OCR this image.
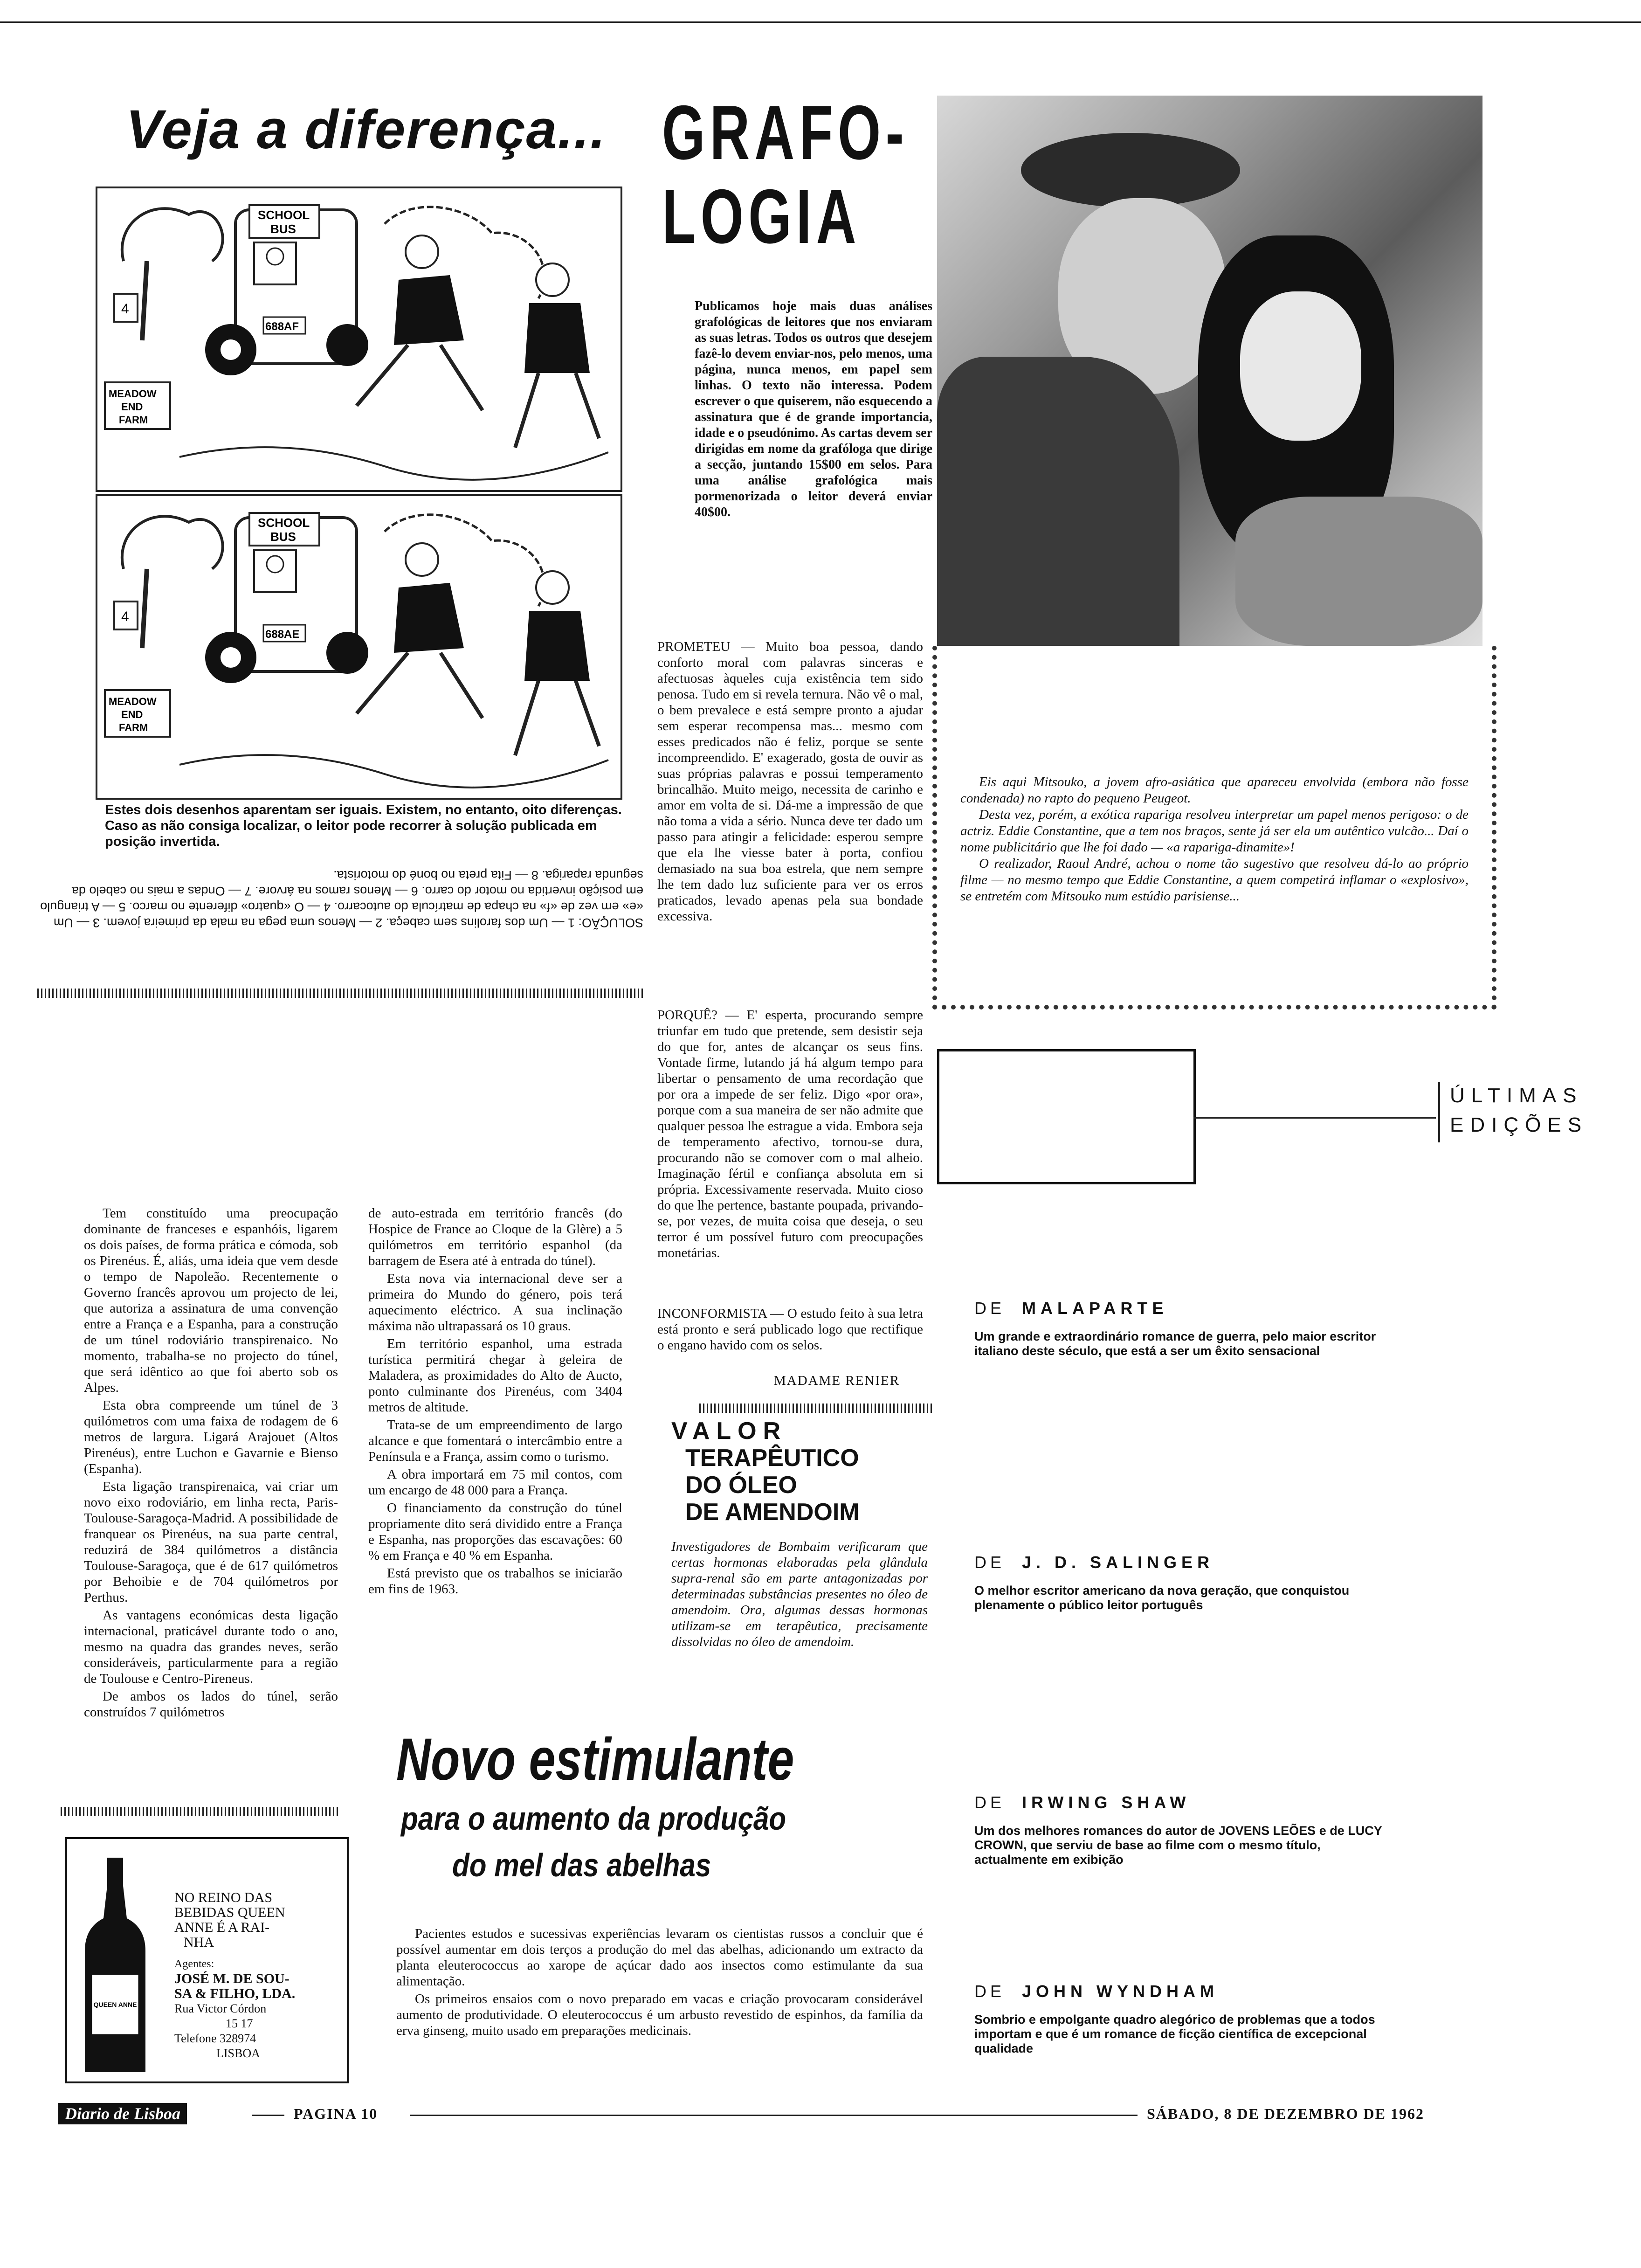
Veja a diferença...
SCHOOL
BUS
688AF
4
MEADOW
END
FARM
SCHOOL
BUS
688AE
4
MEADOW
END
FARM
Estes dois desenhos aparentam ser iguais. Existem, no entanto, oito diferenças. Caso as não consiga localizar, o leitor pode recorrer à solução publicada em posição invertida.
SOLUÇÃO: 1 — Um dos farolins sem cabeça. 2 — Menos uma pega na mala da primeira jovem. 3 — Um «e» em vez de «f» na chapa de matrícula do autocarro. 4 — O «quatro» diferente no marco. 5 — A triangulo em posição invertida no motor do carro. 6 — Menos ramos na árvore. 7 — Ondas a mais no cabelo da segunda rapariga. 8 — Fita preta no boné do motorista.
GRAFO-
LOGIA
Publicamos hoje mais duas análises grafológicas de leitores que nos enviaram as suas letras. Todos os outros que desejem fazê-lo devem enviar-nos, pelo menos, uma página, nunca menos, em papel sem linhas. O texto não interessa. Podem escrever o que quiserem, não esquecendo a assinatura que é de grande importancia, idade e o pseudónimo. As cartas devem ser dirigidas em nome da grafóloga que dirige a secção, juntando 15$00 em selos. Para uma análise grafológica mais pormenorizada o leitor deverá enviar 40$00.
PROMETEU — Muito boa pessoa, dando conforto moral com palavras sinceras e afectuosas àqueles cuja existência tem sido penosa. Tudo em si revela ternura. Não vê o mal, o bem prevalece e está sempre pronto a ajudar sem esperar recompensa mas... mesmo com esses predicados não é feliz, porque se sente incompreendido. E' exagerado, gosta de ouvir as suas próprias palavras e possui temperamento brincalhão. Muito meigo, necessita de carinho e amor em volta de si. Dá-me a impressão de que não toma a vida a sério. Nunca deve ter dado um passo para atingir a felicidade: esperou sempre que ela lhe viesse bater à porta, confiou demasiado na sua boa estrela, que nem sempre lhe tem dado luz suficiente para ver os erros praticados, levado apenas pela sua bondade excessiva.
PORQUÊ? — E' esperta, procurando sempre triunfar em tudo que pretende, sem desistir seja do que for, antes de alcançar os seus fins. Vontade firme, lutando já há algum tempo para libertar o pensamento de uma recordação que por ora a impede de ser feliz. Digo «por ora», porque com a sua maneira de ser não admite que qualquer pessoa lhe estrague a vida. Embora seja de temperamento afectivo, tornou-se dura, procurando não se comover com o mal alheio. Imaginação fértil e confiança absoluta em si própria. Excessivamente reservada. Muito cioso do que lhe pertence, bastante poupada, privando-se, por vezes, de muita coisa que deseja, o seu terror é um possível futuro com preocupações monetárias.
INCONFORMISTA — O estudo feito à sua letra está pronto e será publicado logo que rectifique o engano havido com os selos.
MADAME RENIER

Eis aqui Mitsouko, a jovem afro-asiática que apareceu envolvida (embora não fosse condenada) no rapto do pequeno Peugeot.

Desta vez, porém, a exótica rapariga resolveu interpretar um papel menos perigoso: o de actriz. Eddie Constantine, que a tem nos braços, sente já ser ela um autêntico vulcão... Daí o nome publicitário que lhe foi dado — «a rapariga-dinamite»!

O realizador, Raoul André, achou o nome tão sugestivo que resolveu dá-lo ao próprio filme — no mesmo tempo que Eddie Constantine, a quem competirá inflamar o «explosivo», se entretém com Mitsouko num estúdio parisiense...

ÚLTIMAS
EDIÇÕES
DE MALAPARTE
Um grande e extraordinário romance de guerra, pelo maior escritor italiano deste século, que está a ser um êxito sensacional
DE J. D. SALINGER
O melhor escritor americano da nova geração, que conquistou plenamente o público leitor português
DE IRWING SHAW
Um dos melhores romances do autor de JOVENS LEÕES e de LUCY CROWN, que serviu de base ao filme com o mesmo título, actualmente em exibição
DE JOHN WYNDHAM
Sombrio e empolgante quadro alegórico de problemas que a todos importam e que é um romance de ficção científica de excepcional qualidade

Tem constituído uma preocupação dominante de franceses e espanhóis, ligarem os dois países, de forma prática e cómoda, sob os Pirenéus. É, aliás, uma ideia que vem desde o tempo de Napoleão. Recentemente o Governo francês aprovou um projecto de lei, que autoriza a assinatura de uma convenção entre a França e a Espanha, para a construção de um túnel rodoviário transpirenaico. No momento, trabalha-se no projecto do túnel, que será idêntico ao que foi aberto sob os Alpes.

Esta obra compreende um túnel de 3 quilómetros com uma faixa de rodagem de 6 metros de largura. Ligará Arajouet (Altos Pirenéus), entre Luchon e Gavarnie e Bienso (Espanha).

Esta ligação transpirenaica, vai criar um novo eixo rodoviário, em linha recta, Paris-Toulouse-Saragoça-Madrid. A possibilidade de franquear os Pirenéus, na sua parte central, reduzirá de 384 quilómetros a distância Toulouse-Saragoça, que é de 617 quilómetros por Behoibie e de 704 quilómetros por Perthus.

As vantagens económicas desta ligação internacional, praticável durante todo o ano, mesmo na quadra das grandes neves, serão consideráveis, particularmente para a região de Toulouse e Centro-Pireneus.

De ambos os lados do túnel, serão construídos 7 quilómetros

de auto-estrada em território francês (do Hospice de France ao Cloque de la Glère) a 5 quilómetros em território espanhol (da barragem de Esera até à entrada do túnel).

Esta nova via internacional deve ser a primeira do Mundo do género, pois terá aquecimento eléctrico. A sua inclinação máxima não ultrapassará os 10 graus.

Em território espanhol, uma estrada turística permitirá chegar à geleira de Maladera, as proximidades do Alto de Aucto, ponto culminante dos Pirenéus, com 3404 metros de altitude.

Trata-se de um empreendimento de largo alcance e que fomentará o intercâmbio entre a Península e a França, assim como o turismo.

A obra importará em 75 mil contos, com um encargo de 48 000 para a França.

O financiamento da construção do túnel propriamente dito será dividido entre a França e Espanha, nas proporções das escavações: 60 % em França e 40 % em Espanha.

Está previsto que os trabalhos se iniciarão em fins de 1963.

VALOR
TERAPÊUTICO
DO ÓLEO
DE AMENDOIM
Investigadores de Bombaim verificaram que certas hormonas elaboradas pela glândula supra-renal são em parte antagonizadas por determinadas substâncias presentes no óleo de amendoim. Ora, algumas dessas hormonas utilizam-se em terapêutica, precisamente dissolvidas no óleo de amendoim.
Novo estimulante
para o aumento da produção
do mel das abelhas

Pacientes estudos e sucessivas experiências levaram os cientistas russos a concluir que é possível aumentar em dois terços a produção do mel das abelhas, adicionando um extracto da planta eleuterococcus ao xarope de açúcar dado aos insectos como estimulante da sua alimentação.

Os primeiros ensaios com o novo preparado em vacas e criação provocaram considerável aumento de produtividade. O eleuterococcus é um arbusto revestido de espinhos, da família da erva ginseng, muito usado em preparações medicinais.

QUEEN ANNE
NO REINO DAS
BEBIDAS QUEEN
ANNE É A RAI-
NHA
Agentes:
JOSÉ M. DE SOU-
SA & FILHO, LDA.
Rua Victor Córdon
15 17
Telefone 328974
LISBOA
Diario de Lisboa	PAGINA 10	SÁBADO, 8 DE DEZEMBRO DE 1962
